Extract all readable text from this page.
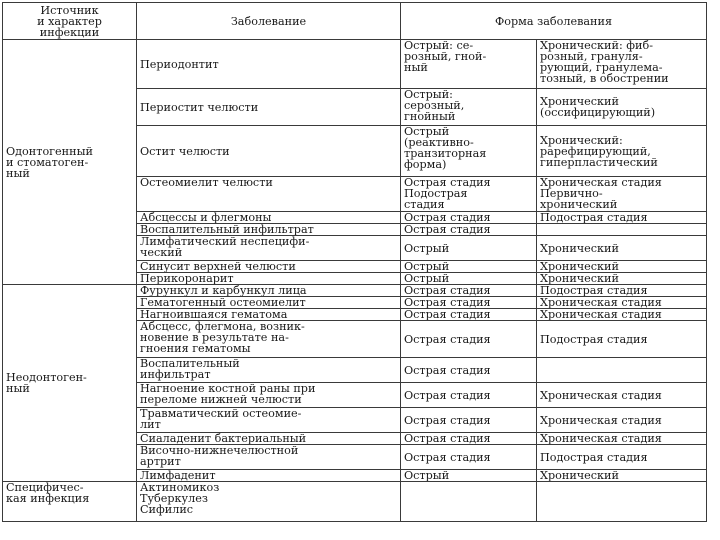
Источник
и характер
инфекции	Заболевание	Форма заболевания	
Одонтогенный
и стоматоген-
ный	Периодонтит	Острый: се-
розный, гной-
ный	Хронический: фиб-
розный, грануля-
рующий, гранулема-
тозный, в обострении
	Периостит челюсти	Острый:
серозный,
гнойный	Хронический
(оссифицирующий)
	Остит челюсти	Острый
(реактивно-
транзиторная
форма)	Хронический:
рарефицирующий,
гиперпластический
	Остеомиелит челюсти	Острая стадия
Подострая
стадия	Хроническая стадия
Первично-
хронический
	Абсцессы и флегмоны	Острая стадия	Подострая стадия
	Воспалительный инфильтрат	Острая стадия	
	Лимфатический неспецифи-
ческий	Острый	Хронический
	Синусит верхней челюсти	Острый	Хронический
	Перикоронарит	Острый	Хронический
Неодонтоген-
ный	Фурункул и карбункул лица	Острая стадия	Подострая стадия
	Гематогенный остеомиелит	Острая стадия	Хроническая стадия
	Нагноившаяся гематома	Острая стадия	Хроническая стадия
	Абсцесс, флегмона, возник-
новение в результате на-
гноения гематомы	Острая стадия	Подострая стадия
	Воспалительный
инфильтрат	Острая стадия	
	Нагноение костной раны при
переломе нижней челюсти	Острая стадия	Хроническая стадия
	Травматический остеомие-
лит	Острая стадия	Хроническая стадия
	Сиаладенит бактериальный	Острая стадия	Хроническая стадия
	Височно-нижнечелюстной
артрит	Острая стадия	Подострая стадия
	Лимфаденит	Острый	Хронический
Специфичес-
кая инфекция	Актиномикоз
Туберкулез
Сифилис		
